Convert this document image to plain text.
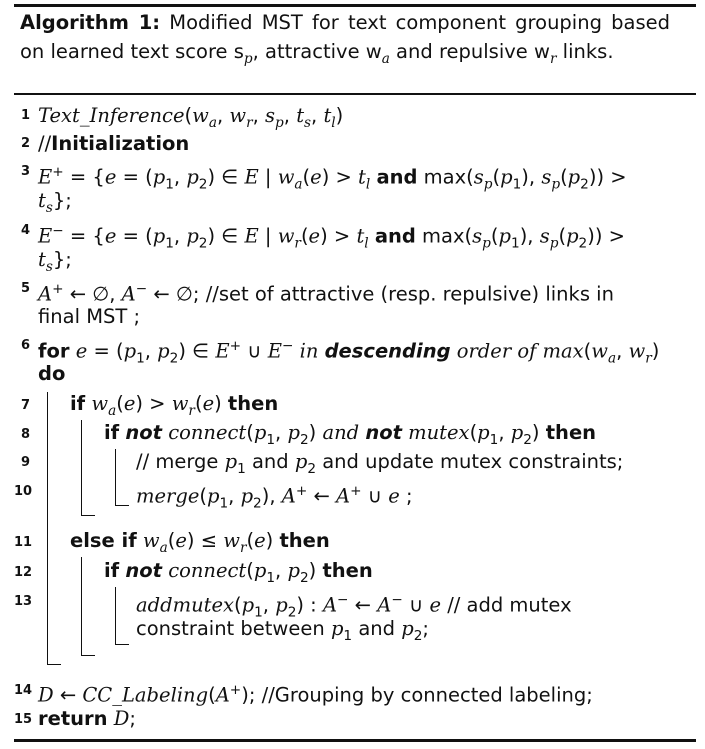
Algorithm 1: Modified MST for text component grouping based on learned text score $s_p$, attractive $w_a$ and repulsive $w_r$ links.
1
2
3
4
5
6
7
8
9
10
11
12
13
14
15
$Text\_Inference(w_a$, $w_r$, $s_p$, $t_s$, $t_l$)
//Initialization
$E^+ = \{e = (p_1$, $p_2$) ∈ E | $w_a(e) > t_l$ and $\max(s_p(p_1)$, $s_p(p_2)$) >
$t_s$};
$E^- = \{e = (p_1$, $p_2$) ∈ E | $w_r(e) > t_l$ and $\max(s_p(p_1)$, $s_p(p_2)$) >
$t_s$};
A+ ← ∅, A− ← ∅; //set of attractive (resp. repulsive) links in
final MST ;
for $e = (p_1$, $p_2$) ∈ E+ ∪ E− in descending order of $\max(w_a$, $w_r$)
do
if $w_a(e) > w_r(e)$ then
if not $connect(p_1$, $p_2$) and not $mutex(p_1$, $p_2$) then
// merge $p_1$ and $p_2$ and update mutex constraints;
$merge(p_1$, $p_2$), A+ ← A+ ∪ e ;
else if $w_a(e) \le w_r(e)$ then
if not $connect(p_1$, $p_2$) then
$addmutex(p_1$, $p_2$) : A− ← A− ∪ e // add mutex
constraint between $p_1$ and $p_2$;
D ← CC_Labeling(A+); //Grouping by connected labeling;
return D;
